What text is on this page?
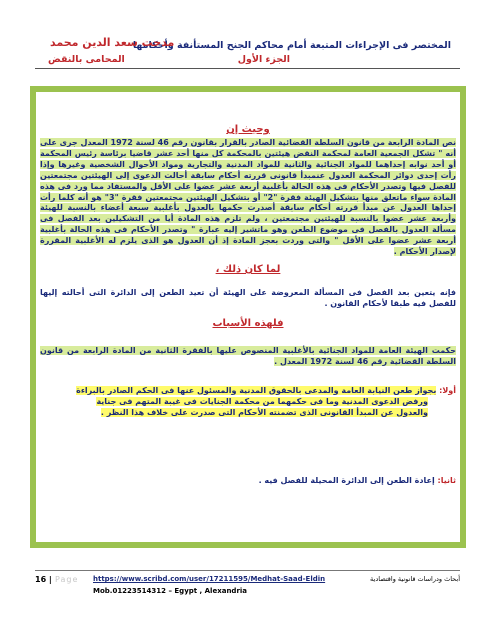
المختصر فى الإجراءات المتبعة أمام محاكم الجنح المستأنفة وأحكامها
الجزء الأول
مدحت سعد الدين محمد
المحامى بالنقض

وحيث إن

نص المادة الرابعة من قانون السلطة القضائية الصادر بالقرار بقانون رقم 46 لسنة 1972 المعدل جرى على أنه " تشكل الجمعية العامة لمحكمة النقض هيئتين بالمحكمة كل منها أحد عشر قاضيا برئاسة رئيس المحكمة أو أحد نوابه إحداهما للمواد الجنائية والثانية للمواد المدنية والتجارية ومواد الأحوال الشخصية وغيرها وإذا رأت إحدى دوائر المحكمة العدول عنمبدأ قانونى قررته أحكام سابقة أحالت الدعوى إلى الهيئتين مجتمعتين للفصل فيها وتصدر الأحكام فى هذه الحالة بأغلبية أربعة عشر عضوا على الأقل والمستفاد مما ورد فى هذه المادة سواء ماتعلق منها بتشكيل الهيئة فقرة "2" أو بتشكيل الهيئتين مجتمعتين فقرة "3" هو أنه كلما رأت إحداها العدول عن مبدأ قررته أحكام سابقة أصدرت حكمها بالعدول بأغلبية سبعة أعضاء بالنسبة للهيئة وأربعة عشر عضوا بالنسبة للهيئتين مجتمعتين ، ولم تلزم هذه المادة أيا من التشكيلين بعد الفصل فى مسألة العدول بالفصل فى موضوع الطعن وهو ماتشير إليه عبارة " وتصدر الأحكام فى هذه الحالة بأغلبية أربعة عشر عضوا على الأقل " والتى وردت بعجز المادة إذ أن العدول هو الذى يلزم له الأغلبية المقررة لإصدار الأحكام .

لما كان ذلك ،

فإنه يتعين بعد الفصل فى المسألة المعروضة على الهيئة أن تعيد الطعن إلى الدائرة التى أحالته إليها للفصل فيه طبقا لأحكام القانون .

فلهذه الأسباب

حكمت الهيئة العامة للمواد الجنائية بالأغلبية المنصوص عليها بالفقرة الثانية من المادة الرابعة من قانون السلطة القضائية رقم 46 لسنة 1972 المعدل .

أولا: بجواز طعن النيابة العامة والمدعى بالحقوق المدنية والمسئول عنها فى الحكم الصادر بالبراءة
ورفض الدعوى المدنية وما فى حكمهما من محكمة الجنايات فى غيبة المتهم فى جناية
والعدول عن المبدأ القانونى الذى تضمنته الأحكام التى صدرت على خلاف هذا النظر .
ثانيا: إعادة الطعن إلى الدائرة المحيلة للفصل فيه .
16 | Page https://www.scribd.com/user/17211595/Medhat-Saad-Eldin	أبحاث ودراسات قانونية واقتصادية
Mob.01223514312 – Egypt , Alexandria
